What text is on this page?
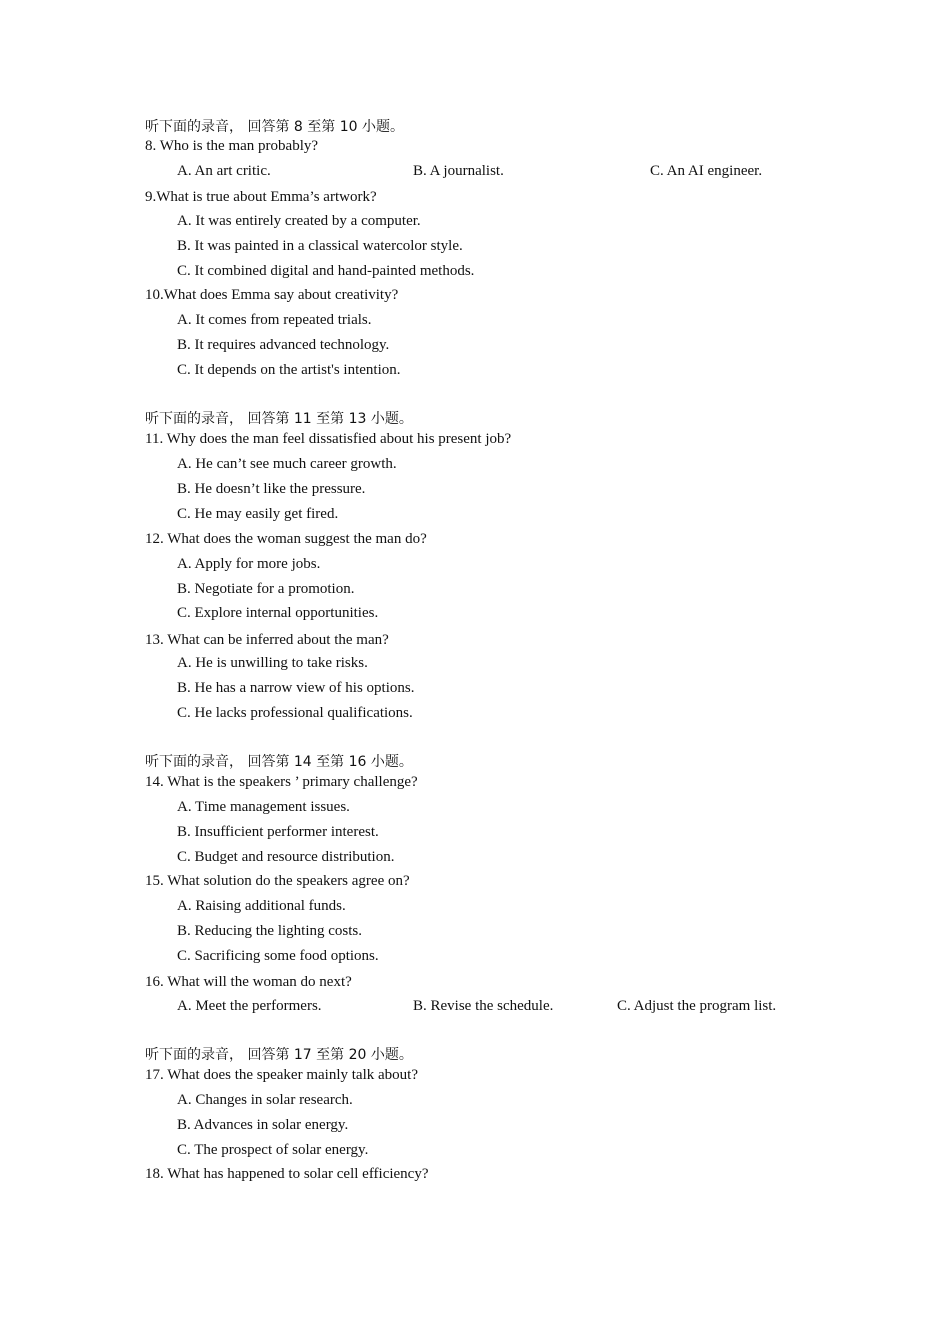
听下面的录音， 回答第 8 至第 10 小题。
8. Who is the man probably?
A. An art critic.	B. A journalist.	C. An AI engineer.
9.What is true about Emma’s artwork?
A. It was entirely created by a computer.
B. It was painted in a classical watercolor style.
C. It combined digital and hand-painted methods.
10.What does Emma say about creativity?
A. It comes from repeated trials.
B. It requires advanced technology.
C. It depends on the artist's intention.
听下面的录音， 回答第 11 至第 13 小题。
11. Why does the man feel dissatisfied about his present job?
A. He can’t see much career growth.
B. He doesn’t like the pressure.
C. He may easily get fired.
12. What does the woman suggest the man do?
A. Apply for more jobs.
B. Negotiate for a promotion.
C. Explore internal opportunities.
13. What can be inferred about the man?
A. He is unwilling to take risks.
B. He has a narrow view of his options.
C. He lacks professional qualifications.
听下面的录音， 回答第 14 至第 16 小题。
14. What is the speakers ’ primary challenge?
A. Time management issues.
B. Insufficient performer interest.
C. Budget and resource distribution.
15. What solution do the speakers agree on?
A. Raising additional funds.
B. Reducing the lighting costs.
C. Sacrificing some food options.
16. What will the woman do next?
A. Meet the performers.	B. Revise the schedule.	C. Adjust the program list.
听下面的录音， 回答第 17 至第 20 小题。
17. What does the speaker mainly talk about?
A. Changes in solar research.
B. Advances in solar energy.
C. The prospect of solar energy.
18. What has happened to solar cell efficiency?
